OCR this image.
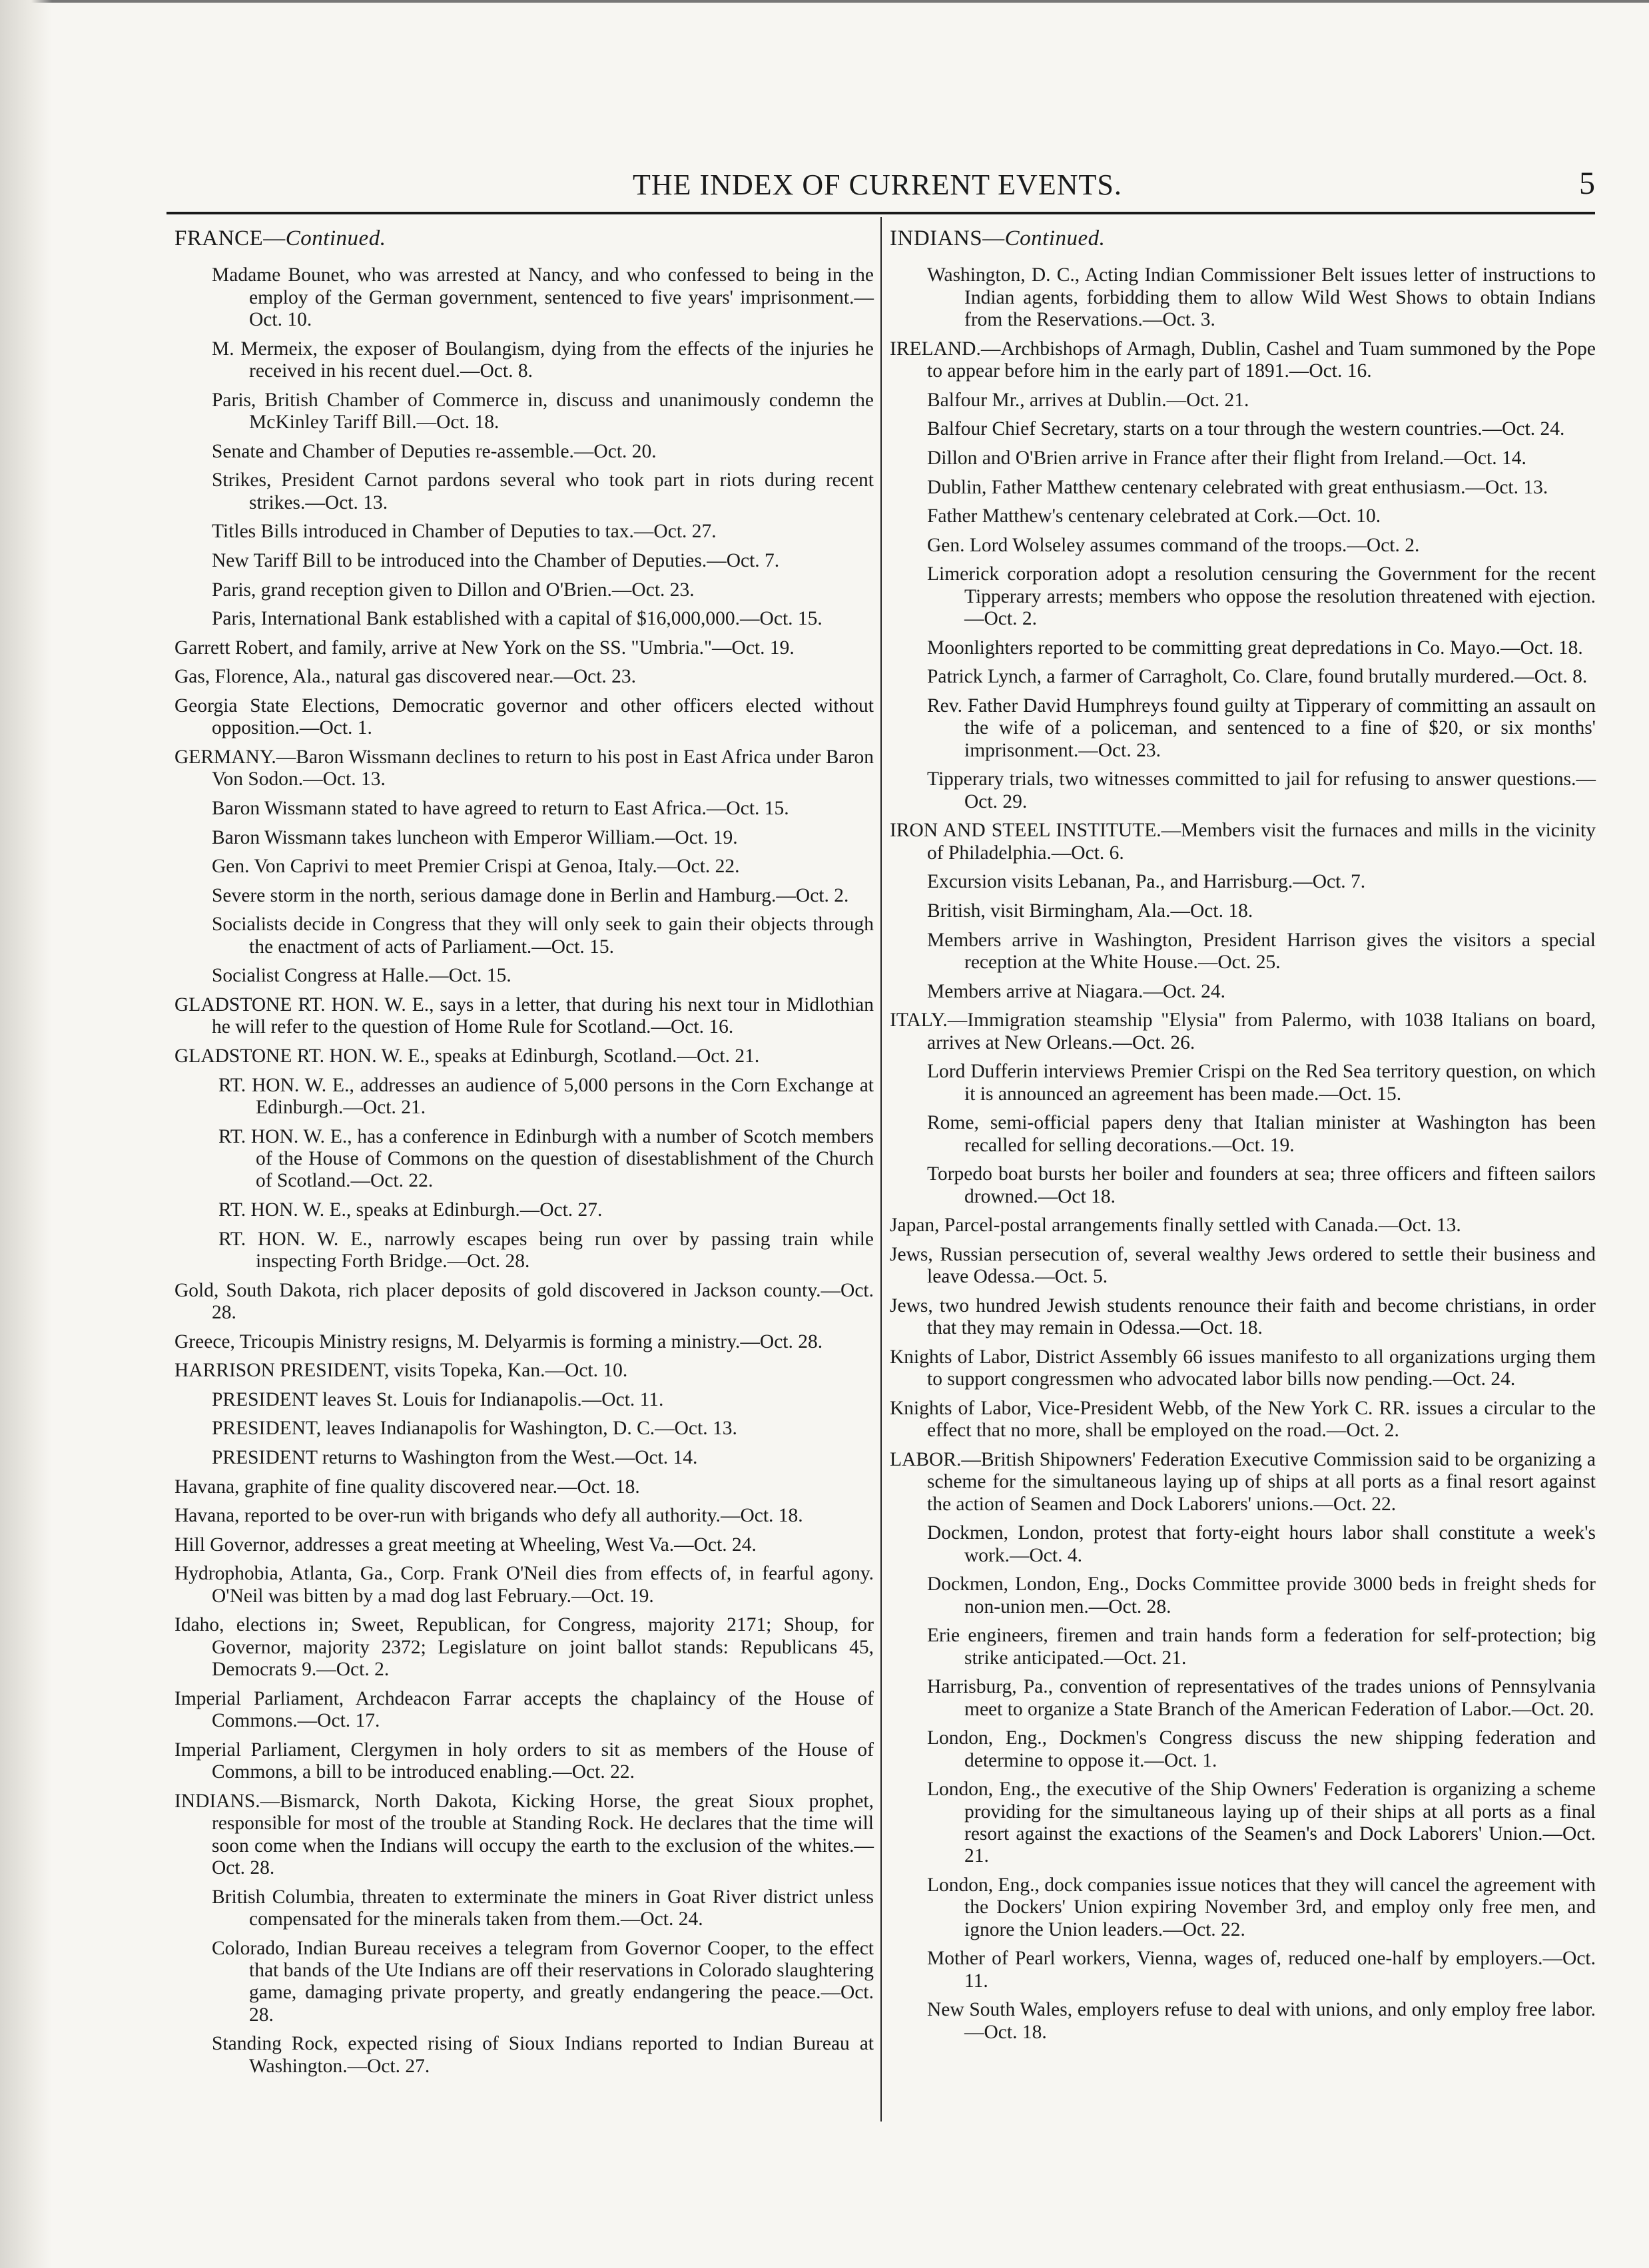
THE INDEX OF CURRENT EVENTS.	5
FRANCE—Continued.

Madame Bounet, who was arrested at Nancy, and who confessed to being in the employ of the German government, sentenced to five years' imprisonment.—Oct. 10.

M. Mermeix, the exposer of Boulangism, dying from the effects of the injuries he received in his recent duel.—Oct. 8.

Paris, British Chamber of Commerce in, discuss and unanimously condemn the McKinley Tariff Bill.—Oct. 18.

Senate and Chamber of Deputies re-assemble.—Oct. 20.

Strikes, President Carnot pardons several who took part in riots during recent strikes.—Oct. 13.

Titles Bills introduced in Chamber of Deputies to tax.—Oct. 27.

New Tariff Bill to be introduced into the Chamber of Deputies.—Oct. 7.

Paris, grand reception given to Dillon and O'Brien.—Oct. 23.

Paris, International Bank established with a capital of $16,000,000.—Oct. 15.

Garrett Robert, and family, arrive at New York on the SS. "Umbria."—Oct. 19.

Gas, Florence, Ala., natural gas discovered near.—Oct. 23.

Georgia State Elections, Democratic governor and other officers elected without opposition.—Oct. 1.

GERMANY.—Baron Wissmann declines to return to his post in East Africa under Baron Von Sodon.—Oct. 13.

Baron Wissmann stated to have agreed to return to East Africa.—Oct. 15.

Baron Wissmann takes luncheon with Emperor William.—Oct. 19.

Gen. Von Caprivi to meet Premier Crispi at Genoa, Italy.—Oct. 22.

Severe storm in the north, serious damage done in Berlin and Hamburg.—Oct. 2.

Socialists decide in Congress that they will only seek to gain their objects through the enactment of acts of Parliament.—Oct. 15.

Socialist Congress at Halle.—Oct. 15.

GLADSTONE RT. HON. W. E., says in a letter, that during his next tour in Midlothian he will refer to the question of Home Rule for Scotland.—Oct. 16.

GLADSTONE RT. HON. W. E., speaks at Edinburgh, Scotland.—Oct. 21.

RT. HON. W. E., addresses an audience of 5,000 persons in the Corn Exchange at Edinburgh.—Oct. 21.

RT. HON. W. E., has a conference in Edinburgh with a number of Scotch members of the House of Commons on the question of disestablishment of the Church of Scotland.—Oct. 22.

RT. HON. W. E., speaks at Edinburgh.—Oct. 27.

RT. HON. W. E., narrowly escapes being run over by passing train while inspecting Forth Bridge.—Oct. 28.

Gold, South Dakota, rich placer deposits of gold discovered in Jackson county.—Oct. 28.

Greece, Tricoupis Ministry resigns, M. Delyarmis is forming a ministry.—Oct. 28.

HARRISON PRESIDENT, visits Topeka, Kan.—Oct. 10.

PRESIDENT leaves St. Louis for Indianapolis.—Oct. 11.

PRESIDENT, leaves Indianapolis for Washington, D. C.—Oct. 13.

PRESIDENT returns to Washington from the West.—Oct. 14.

Havana, graphite of fine quality discovered near.—Oct. 18.

Havana, reported to be over-run with brigands who defy all authority.—Oct. 18.

Hill Governor, addresses a great meeting at Wheeling, West Va.—Oct. 24.

Hydrophobia, Atlanta, Ga., Corp. Frank O'Neil dies from effects of, in fearful agony. O'Neil was bitten by a mad dog last February.—Oct. 19.

Idaho, elections in; Sweet, Republican, for Congress, majority 2171; Shoup, for Governor, majority 2372; Legislature on joint ballot stands: Republicans 45, Democrats 9.—Oct. 2.

Imperial Parliament, Archdeacon Farrar accepts the chaplaincy of the House of Commons.—Oct. 17.

Imperial Parliament, Clergymen in holy orders to sit as members of the House of Commons, a bill to be introduced enabling.—Oct. 22.

INDIANS.—Bismarck, North Dakota, Kicking Horse, the great Sioux prophet, responsible for most of the trouble at Standing Rock. He declares that the time will soon come when the Indians will occupy the earth to the exclusion of the whites.—Oct. 28.

British Columbia, threaten to exterminate the miners in Goat River district unless compensated for the minerals taken from them.—Oct. 24.

Colorado, Indian Bureau receives a telegram from Governor Cooper, to the effect that bands of the Ute Indians are off their reservations in Colorado slaughtering game, damaging private property, and greatly endangering the peace.—Oct. 28.

Standing Rock, expected rising of Sioux Indians reported to Indian Bureau at Washington.—Oct. 27.

INDIANS—Continued.

Washington, D. C., Acting Indian Commissioner Belt issues letter of instructions to Indian agents, forbidding them to allow Wild West Shows to obtain Indians from the Reservations.—Oct. 3.

IRELAND.—Archbishops of Armagh, Dublin, Cashel and Tuam summoned by the Pope to appear before him in the early part of 1891.—Oct. 16.

Balfour Mr., arrives at Dublin.—Oct. 21.

Balfour Chief Secretary, starts on a tour through the western countries.—Oct. 24.

Dillon and O'Brien arrive in France after their flight from Ireland.—Oct. 14.

Dublin, Father Matthew centenary celebrated with great enthusiasm.—Oct. 13.

Father Matthew's centenary celebrated at Cork.—Oct. 10.

Gen. Lord Wolseley assumes command of the troops.—Oct. 2.

Limerick corporation adopt a resolution censuring the Government for the recent Tipperary arrests; members who oppose the resolution threatened with ejection.—Oct. 2.

Moonlighters reported to be committing great depredations in Co. Mayo.—Oct. 18.

Patrick Lynch, a farmer of Carragholt, Co. Clare, found brutally murdered.—Oct. 8.

Rev. Father David Humphreys found guilty at Tipperary of committing an assault on the wife of a policeman, and sentenced to a fine of $20, or six months' imprisonment.—Oct. 23.

Tipperary trials, two witnesses committed to jail for refusing to answer questions.—Oct. 29.

IRON AND STEEL INSTITUTE.—Members visit the furnaces and mills in the vicinity of Philadelphia.—Oct. 6.

Excursion visits Lebanan, Pa., and Harrisburg.—Oct. 7.

British, visit Birmingham, Ala.—Oct. 18.

Members arrive in Washington, President Harrison gives the visitors a special reception at the White House.—Oct. 25.

Members arrive at Niagara.—Oct. 24.

ITALY.—Immigration steamship "Elysia" from Palermo, with 1038 Italians on board, arrives at New Orleans.—Oct. 26.

Lord Dufferin interviews Premier Crispi on the Red Sea territory question, on which it is announced an agreement has been made.—Oct. 15.

Rome, semi-official papers deny that Italian minister at Washington has been recalled for selling decorations.—Oct. 19.

Torpedo boat bursts her boiler and founders at sea; three officers and fifteen sailors drowned.—Oct 18.

Japan, Parcel-postal arrangements finally settled with Canada.—Oct. 13.

Jews, Russian persecution of, several wealthy Jews ordered to settle their business and leave Odessa.—Oct. 5.

Jews, two hundred Jewish students renounce their faith and become christians, in order that they may remain in Odessa.—Oct. 18.

Knights of Labor, District Assembly 66 issues manifesto to all organizations urging them to support congressmen who advocated labor bills now pending.—Oct. 24.

Knights of Labor, Vice-President Webb, of the New York C. RR. issues a circular to the effect that no more, shall be employed on the road.—Oct. 2.

LABOR.—British Shipowners' Federation Executive Commission said to be organizing a scheme for the simultaneous laying up of ships at all ports as a final resort against the action of Seamen and Dock Laborers' unions.—Oct. 22.

Dockmen, London, protest that forty-eight hours labor shall constitute a week's work.—Oct. 4.

Dockmen, London, Eng., Docks Committee provide 3000 beds in freight sheds for non-union men.—Oct. 28.

Erie engineers, firemen and train hands form a federation for self-protection; big strike anticipated.—Oct. 21.

Harrisburg, Pa., convention of representatives of the trades unions of Pennsylvania meet to organize a State Branch of the American Federation of Labor.—Oct. 20.

London, Eng., Dockmen's Congress discuss the new shipping federation and determine to oppose it.—Oct. 1.

London, Eng., the executive of the Ship Owners' Federation is organizing a scheme providing for the simultaneous laying up of their ships at all ports as a final resort against the exactions of the Seamen's and Dock Laborers' Union.—Oct. 21.

London, Eng., dock companies issue notices that they will cancel the agreement with the Dockers' Union expiring November 3rd, and employ only free men, and ignore the Union leaders.—Oct. 22.

Mother of Pearl workers, Vienna, wages of, reduced one-half by employers.—Oct. 11.

New South Wales, employers refuse to deal with unions, and only employ free labor.—Oct. 18.
